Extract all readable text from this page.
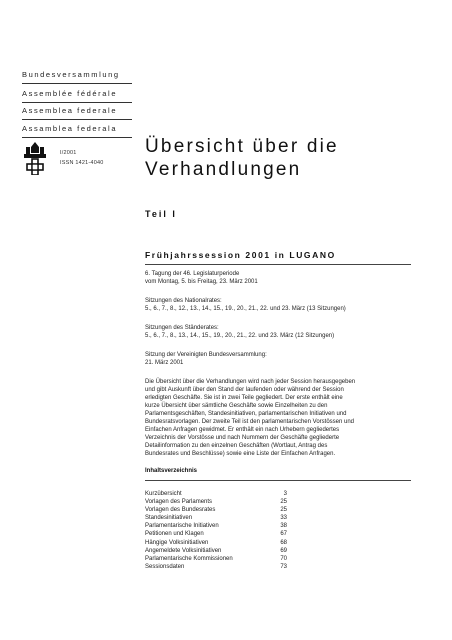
Bundesversammlung
Assemblée fédérale
Assemblea federale
Assamblea federala
I/2001
ISSN 1421-4040
Übersicht über die
Verhandlungen
Teil I
Frühjahrssession 2001 in LUGANO

6. Tagung der 46. Legislaturperiode

vom Montag, 5. bis Freitag, 23. März 2001

Sitzungen des Nationalrates:

5., 6., 7., 8., 12., 13., 14., 15., 19., 20., 21., 22. und 23. März (13 Sitzungen)

Sitzungen des Ständerates:

5., 6., 7., 8., 13., 14., 15., 19., 20., 21., 22. und 23. März (12 Sitzungen)

Sitzung der Vereinigten Bundesversammlung:

21. März 2001

Die Übersicht über die Verhandlungen wird nach jeder Session herausgegeben

und gibt Auskunft über den Stand der laufenden oder während der Session

erledigten Geschäfte. Sie ist in zwei Teile gegliedert. Der erste enthält eine

kurze Übersicht über sämtliche Geschäfte sowie Einzelheiten zu den

Parlamentsgeschäften, Standesinitiativen, parlamentarischen Initiativen und

Bundesratsvorlagen. Der zweite Teil ist den parlamentarischen Vorstössen und

Einfachen Anfragen gewidmet. Er enthält ein nach Urhebern gegliedertes

Verzeichnis der Vorstösse und nach Nummern der Geschäfte gegliederte

Detailinformation zu den einzelnen Geschäften (Wortlaut, Antrag des

Bundesrates und Beschlüsse) sowie eine Liste der Einfachen Anfragen.

Inhaltsverzeichnis
Kurzübersicht	3
Vorlagen des Parlaments	25
Vorlagen des Bundesrates	25
Standesinitiativen	33
Parlamentarische Initiativen	38
Petitionen und Klagen	67
Hängige Volksinitiativen	68
Angemeldete Volksinitiativen	69
Parlamentarische Kommissionen	70
Sessionsdaten	73
